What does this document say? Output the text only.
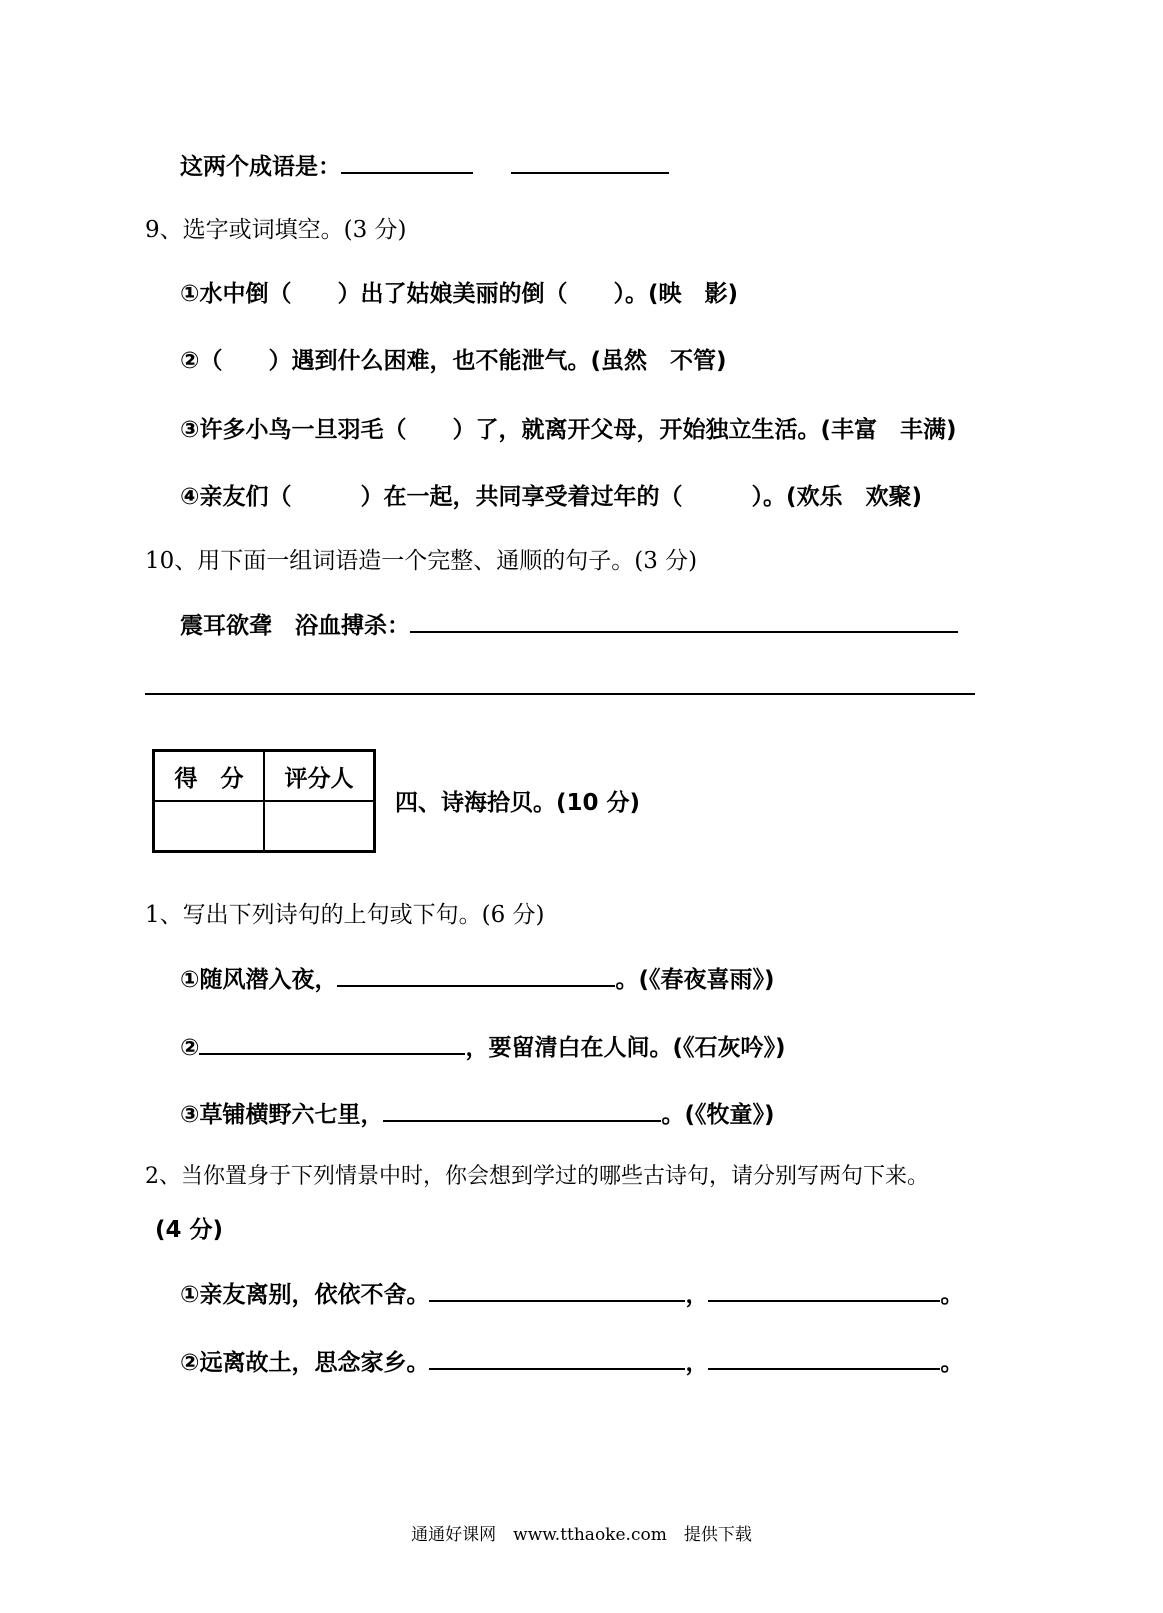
这两个成语是：
9、选字或词填空。(3 分)
①水中倒（　　）出了姑娘美丽的倒（　　）。(映　影)
②（　　）遇到什么困难，也不能泄气。(虽然　不管)
③许多小鸟一旦羽毛（　　）了，就离开父母，开始独立生活。(丰富　丰满)
④亲友们（　　　）在一起，共同享受着过年的（　　　）。(欢乐　欢聚)
10、用下面一组词语造一个完整、通顺的句子。(3 分)
震耳欲聋　浴血搏杀：
得　分	评分人

四、诗海拾贝。(10 分)
1、写出下列诗句的上句或下句。(6 分)
①随风潜入夜，	。(《春夜喜雨》)
②	，要留清白在人间。(《石灰吟》)
③草铺横野六七里，	。(《牧童》)
2、当你置身于下列情景中时，你会想到学过的哪些古诗句，请分别写两句下来。
(4 分)
①亲友离别，依依不舍。	，	。
②远离故土，思念家乡。	，	。
通通好课网　www.tthaoke.com　提供下载
